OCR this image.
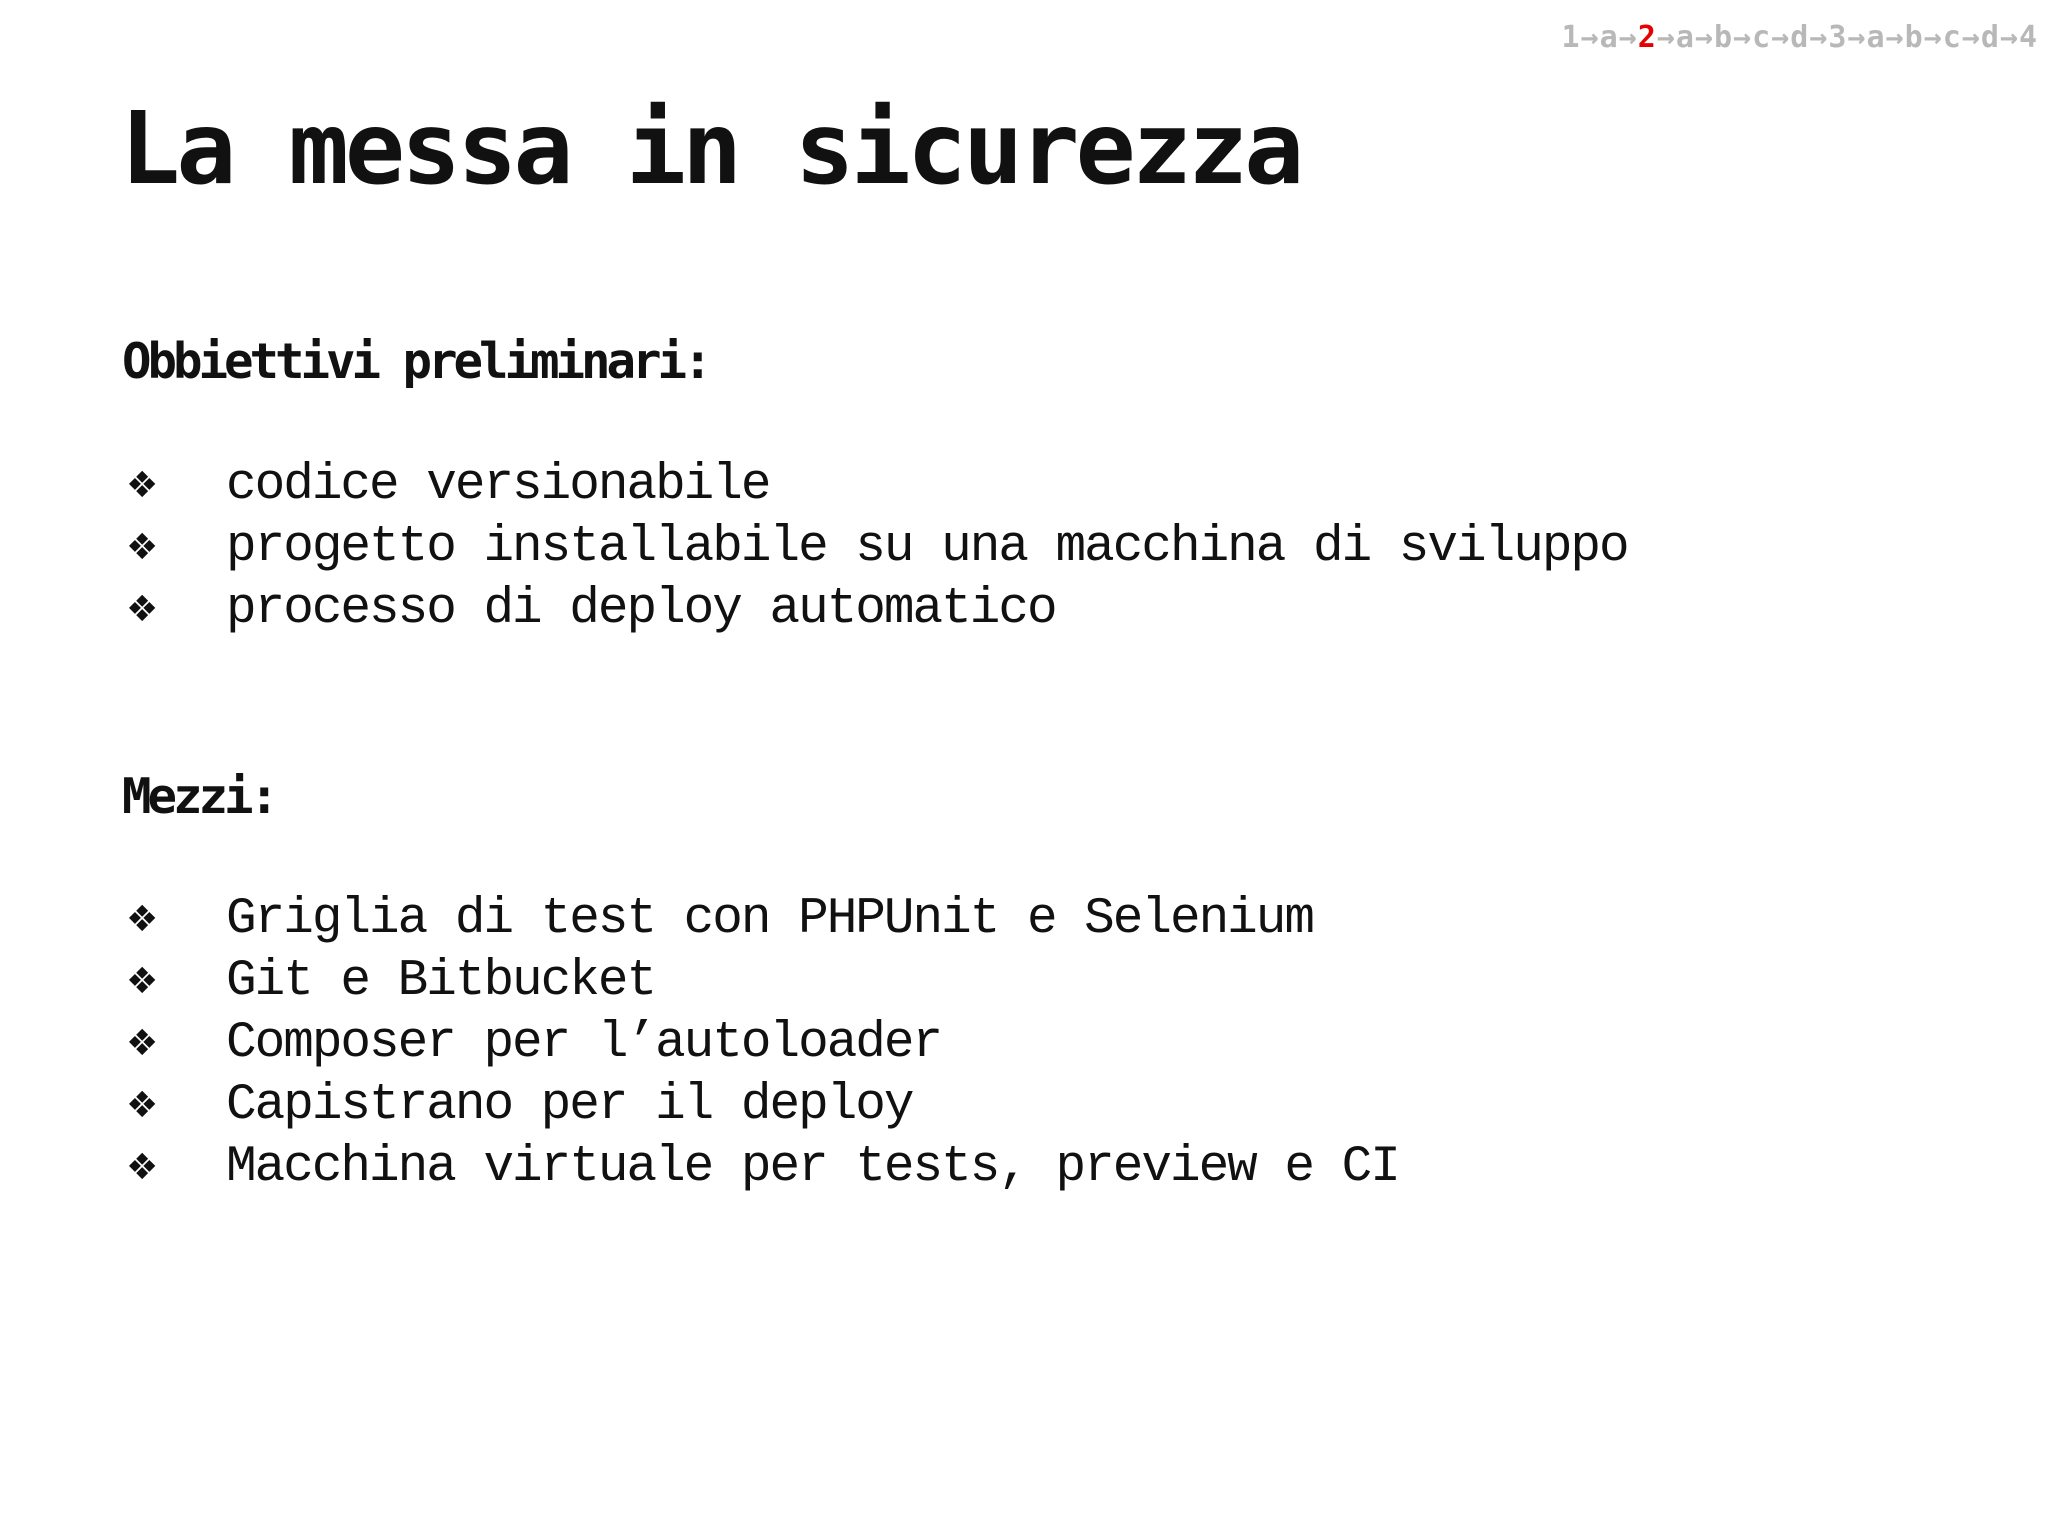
1→a→2→a→b→c→d→3→a→b→c→d→4
La messa in sicurezza
Obbiettivi preliminari:
❖	codice versionabile
❖	progetto installabile su una macchina di sviluppo
❖	processo di deploy automatico
Mezzi:
❖	Griglia di test con PHPUnit e Selenium
❖	Git e Bitbucket
❖	Composer per l’autoloader
❖	Capistrano per il deploy
❖	Macchina virtuale per tests, preview e CI
